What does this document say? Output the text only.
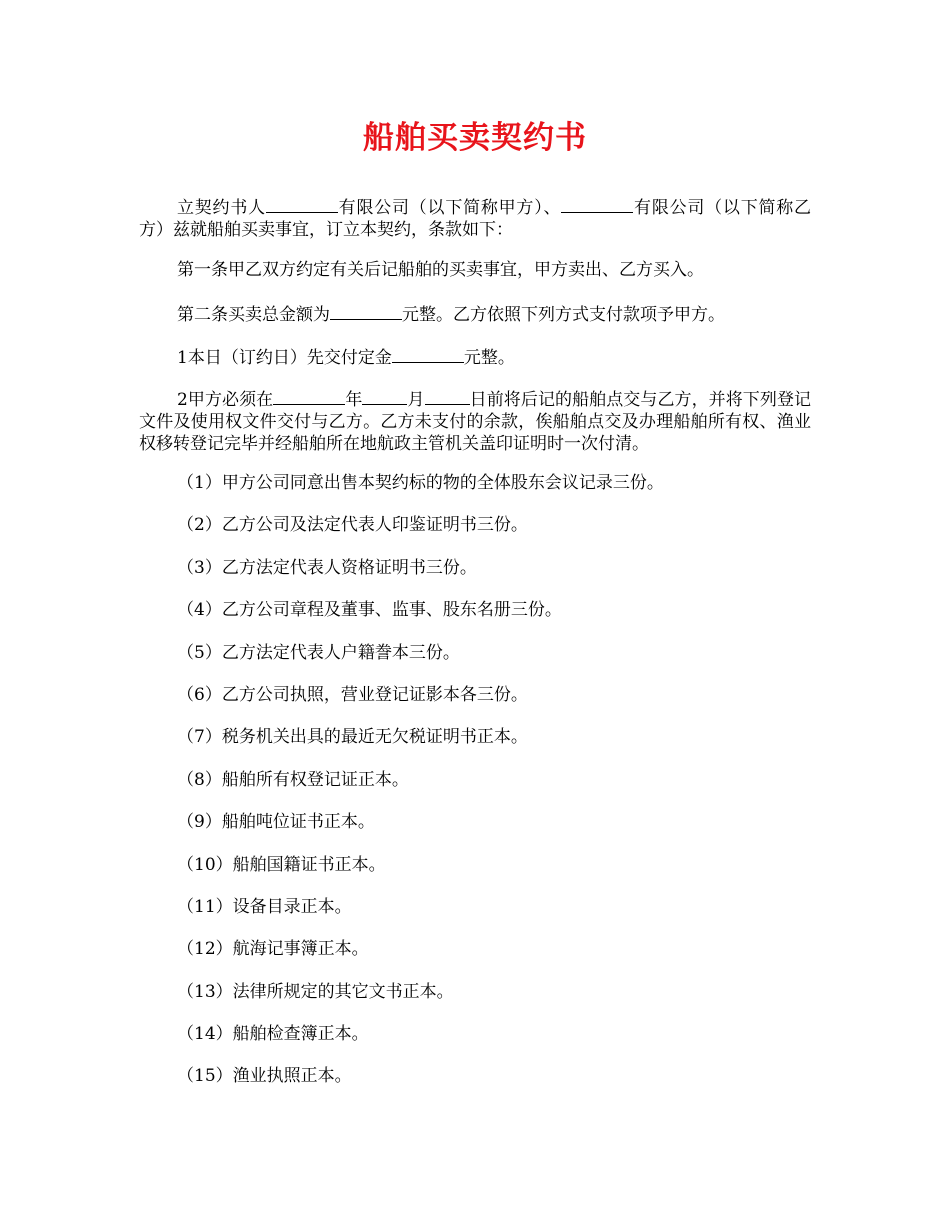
船舶买卖契约书

立契约书人	有限公司（以下简称甲方）、	有限公司（以下简称乙方）兹就船舶买卖事宜，订立本契约，条款如下：

第一条甲乙双方约定有关后记船舶的买卖事宜，甲方卖出、乙方买入。

第二条买卖总金额为	元整。乙方依照下列方式支付款项予甲方。

1本日（订约日）先交付定金	元整。

2甲方必须在	年	月	日前将后记的船舶点交与乙方，并将下列登记文件及使用权文件交付与乙方。乙方未支付的余款，俟船舶点交及办理船舶所有权、渔业权移转登记完毕并经船舶所在地航政主管机关盖印证明时一次付清。

（1）甲方公司同意出售本契约标的物的全体股东会议记录三份。
（2）乙方公司及法定代表人印鉴证明书三份。
（3）乙方法定代表人资格证明书三份。
（4）乙方公司章程及董事、监事、股东名册三份。
（5）乙方法定代表人户籍誊本三份。
（6）乙方公司执照，营业登记证影本各三份。
（7）税务机关出具的最近无欠税证明书正本。
（8）船舶所有权登记证正本。
（9）船舶吨位证书正本。
（10）船舶国籍证书正本。
（11）设备目录正本。
（12）航海记事簿正本。
（13）法律所规定的其它文书正本。
（14）船舶检查簿正本。
（15）渔业执照正本。
